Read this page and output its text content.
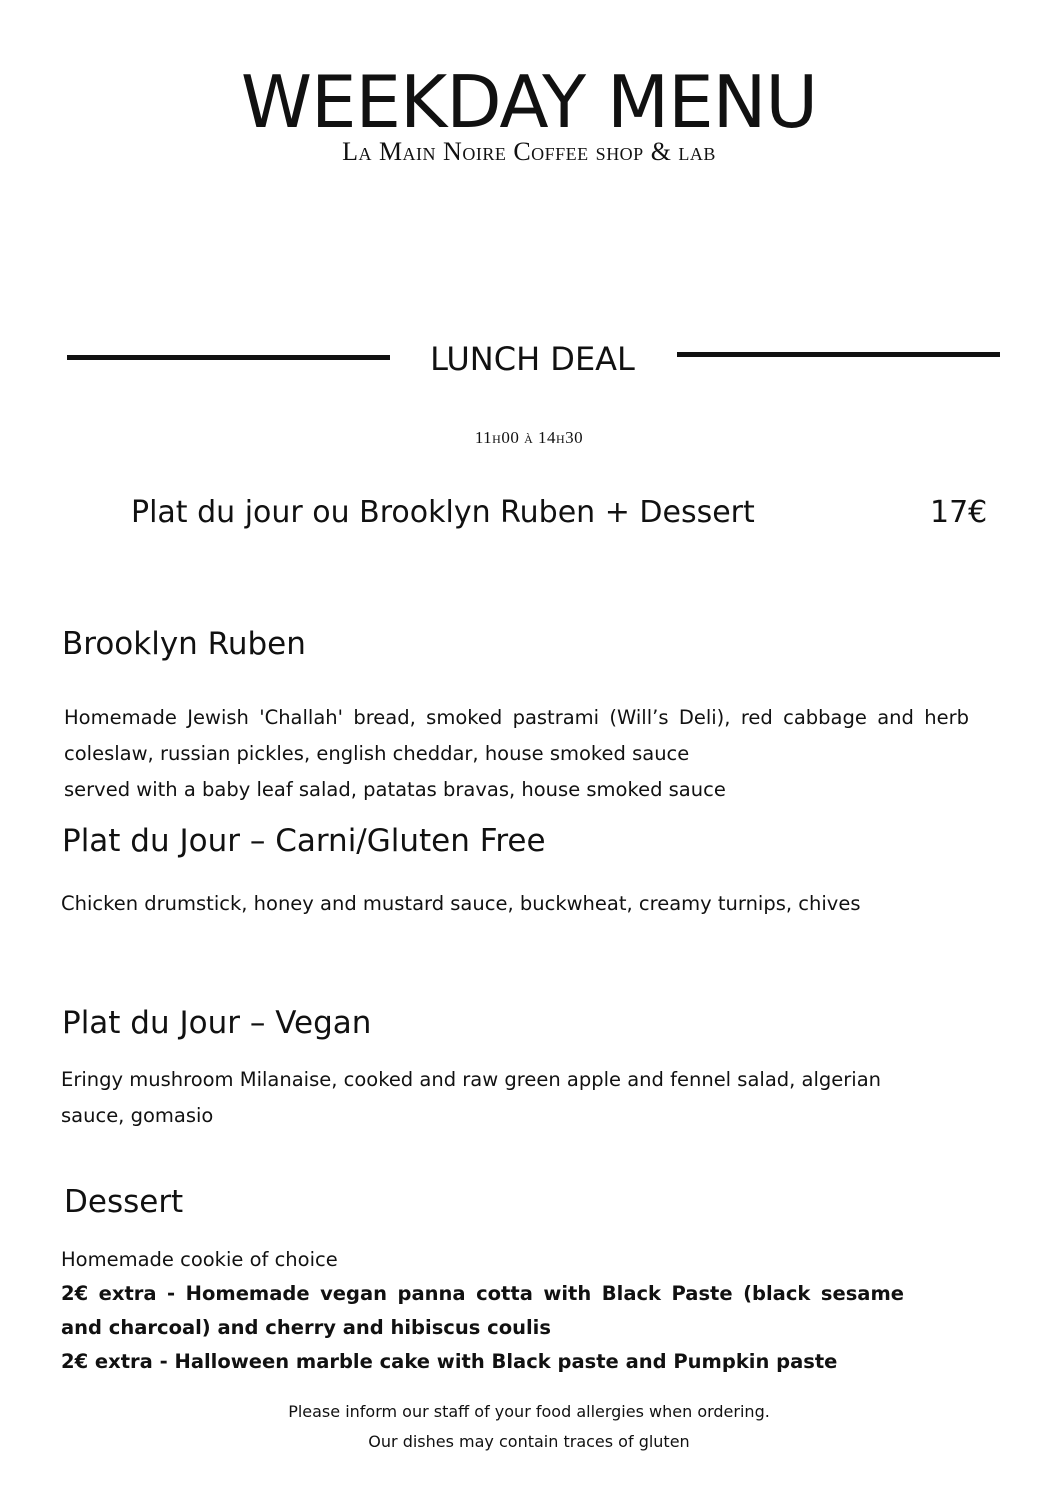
WEEKDAY MENU
La Main Noire Coffee shop & lab
LUNCH DEAL
11h00 à 14h30
Plat du jour ou Brooklyn Ruben + Dessert	17€
Brooklyn Ruben
Homemade Jewish 'Challah' bread, smoked pastrami (Will’s Deli), red cabbage and herb coleslaw, russian pickles, english cheddar, house smoked sauce
served with a baby leaf salad, patatas bravas, house smoked sauce
Plat du Jour – Carni/Gluten Free
Chicken drumstick, honey and mustard sauce, buckwheat, creamy turnips, chives
Plat du Jour – Vegan
Eringy mushroom Milanaise, cooked and raw green apple and fennel salad, algerian sauce, gomasio
Dessert
Homemade cookie of choice
2€ extra - Homemade vegan panna cotta with Black Paste (black sesame and charcoal) and cherry and hibiscus coulis
2€ extra - Halloween marble cake with Black paste and Pumpkin paste
Please inform our staff of your food allergies when ordering.
Our dishes may contain traces of gluten
